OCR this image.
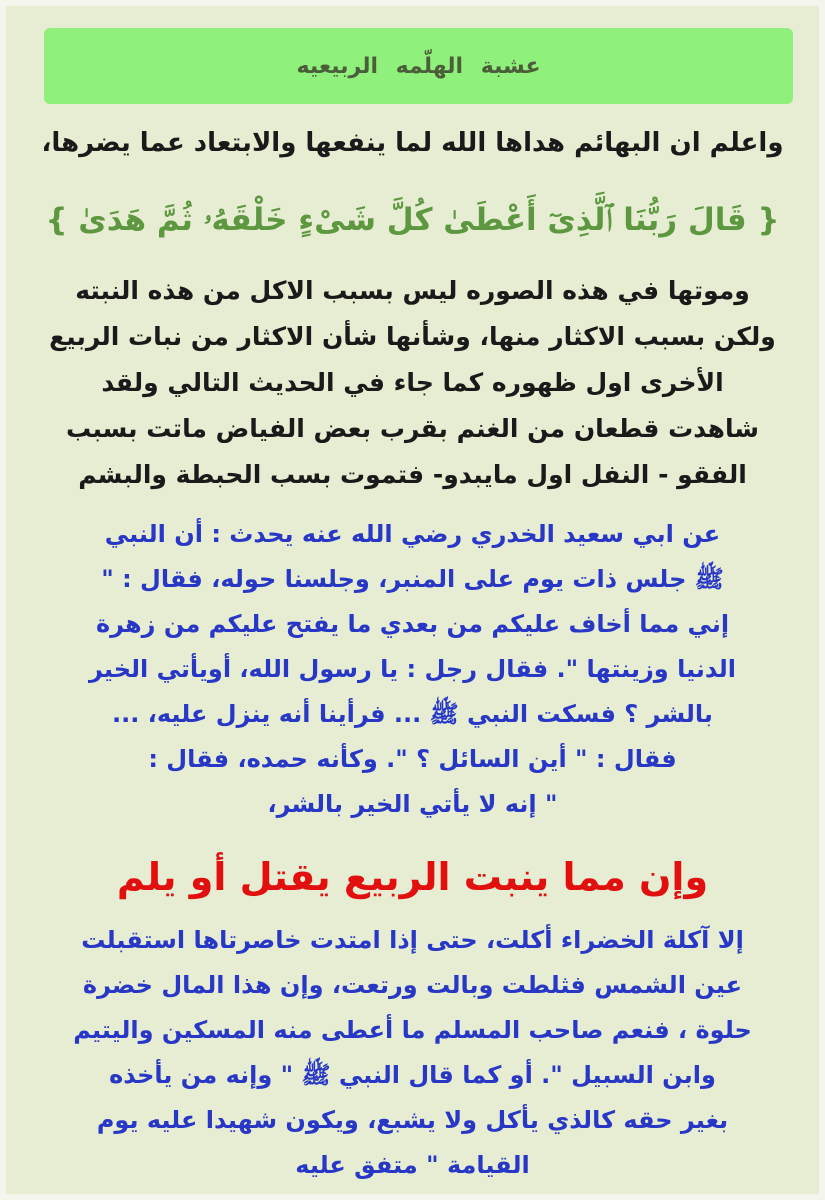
عشبة الهلّمه الربيعيه
واعلم ان البهائم هداها الله لما ينفعها والابتعاد عما يضرها،
{ قَالَ رَبُّنَا ٱلَّذِىٓ أَعْطَىٰ كُلَّ شَىْءٍ خَلْقَهُۥ ثُمَّ هَدَىٰ }
وموتها في هذه الصوره ليس بسبب الاكل من هذه النبته
ولكن بسبب الاكثار منها، وشأنها شأن الاكثار من نبات الربيع
الأخرى اول ظهوره كما جاء في الحديث التالي ولقد
شاهدت قطعان من الغنم بقرب بعض الفياض ماتت بسبب
الفقو - النفل اول مايبدو- فتموت بسب الحبطة والبشم
عن ابي سعيد الخدري رضي الله عنه يحدث : أن النبي
ﷺ جلس ذات يوم على المنبر، وجلسنا حوله، فقال : "
إني مما أخاف عليكم من بعدي ما يفتح عليكم من زهرة
الدنيا وزينتها ". فقال رجل : يا رسول الله، أويأتي الخير
بالشر ؟ فسكت النبي ﷺ ... فرأينا أنه ينزل عليه، ...
فقال : " أين السائل ؟ ". وكأنه حمده، فقال :
" إنه لا يأتي الخير بالشر،
وإن مما ينبت الربيع يقتل أو يلم
إلا آكلة الخضراء أكلت، حتى إذا امتدت خاصرتاها استقبلت
عين الشمس فثلطت وبالت ورتعت، وإن هذا المال خضرة
حلوة ، فنعم صاحب المسلم ما أعطى منه المسكين واليتيم
وابن السبيل ". أو كما قال النبي ﷺ " وإنه من يأخذه
بغير حقه كالذي يأكل ولا يشبع، ويكون شهيدا عليه يوم
القيامة " متفق عليه
